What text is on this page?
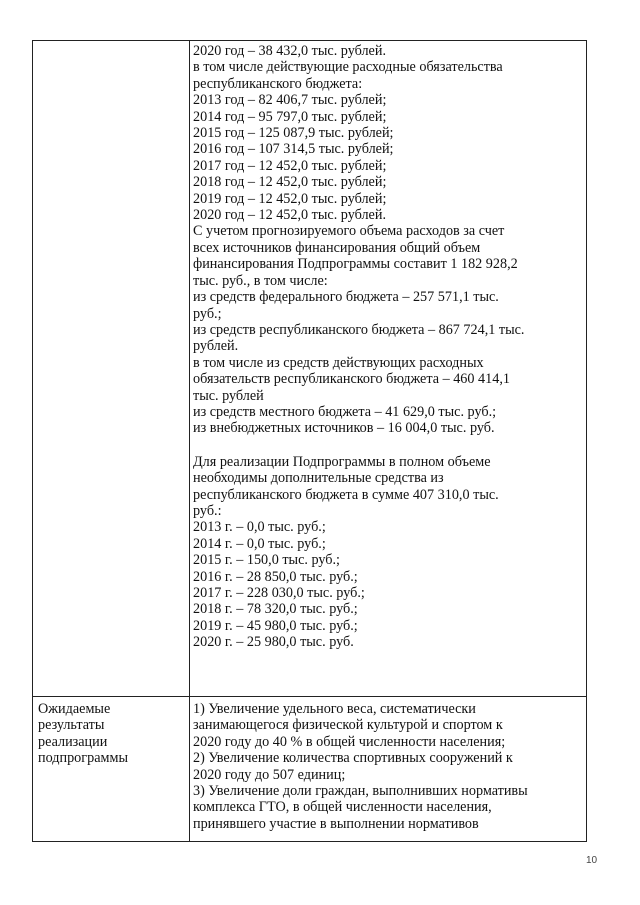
2020 год – 38 432,0 тыс. рублей.
в том числе действующие расходные обязательства
республиканского бюджета:
2013 год – 82 406,7 тыс. рублей;
2014 год – 95 797,0 тыс. рублей;
2015 год – 125 087,9 тыс. рублей;
2016 год – 107 314,5 тыс. рублей;
2017 год – 12 452,0 тыс. рублей;
2018 год – 12 452,0 тыс. рублей;
2019 год – 12 452,0 тыс. рублей;
2020 год – 12 452,0 тыс. рублей.
С учетом прогнозируемого объема расходов за счет
всех источников финансирования общий объем
финансирования Подпрограммы составит 1 182 928,2
тыс. руб., в том числе:
из средств федерального бюджета – 257 571,1 тыс.
руб.;
из средств республиканского бюджета – 867 724,1 тыс.
рублей.
в том числе из средств действующих расходных
обязательств республиканского бюджета – 460 414,1
тыс. рублей
из средств местного бюджета – 41 629,0 тыс. руб.;
из внебюджетных источников – 16 004,0 тыс. руб.
Для реализации Подпрограммы в полном объеме
необходимы дополнительные средства из
республиканского бюджета в сумме 407 310,0 тыс.
руб.:
2013 г. – 0,0 тыс. руб.;
2014 г. – 0,0 тыс. руб.;
2015 г. – 150,0 тыс. руб.;
2016 г. – 28 850,0 тыс. руб.;
2017 г. – 228 030,0 тыс. руб.;
2018 г. – 78 320,0 тыс. руб.;
2019 г. – 45 980,0 тыс. руб.;
2020 г. – 25 980,0 тыс. руб.
Ожидаемые
результаты
реализации
подпрограммы
1) Увеличение удельного веса, систематически
занимающегося физической культурой и спортом к
2020 году до 40 % в общей численности населения;
2) Увеличение количества спортивных сооружений к
2020 году до 507 единиц;
3) Увеличение доли граждан, выполнивших нормативы
комплекса ГТО, в общей численности населения,
принявшего участие в выполнении нормативов
10
